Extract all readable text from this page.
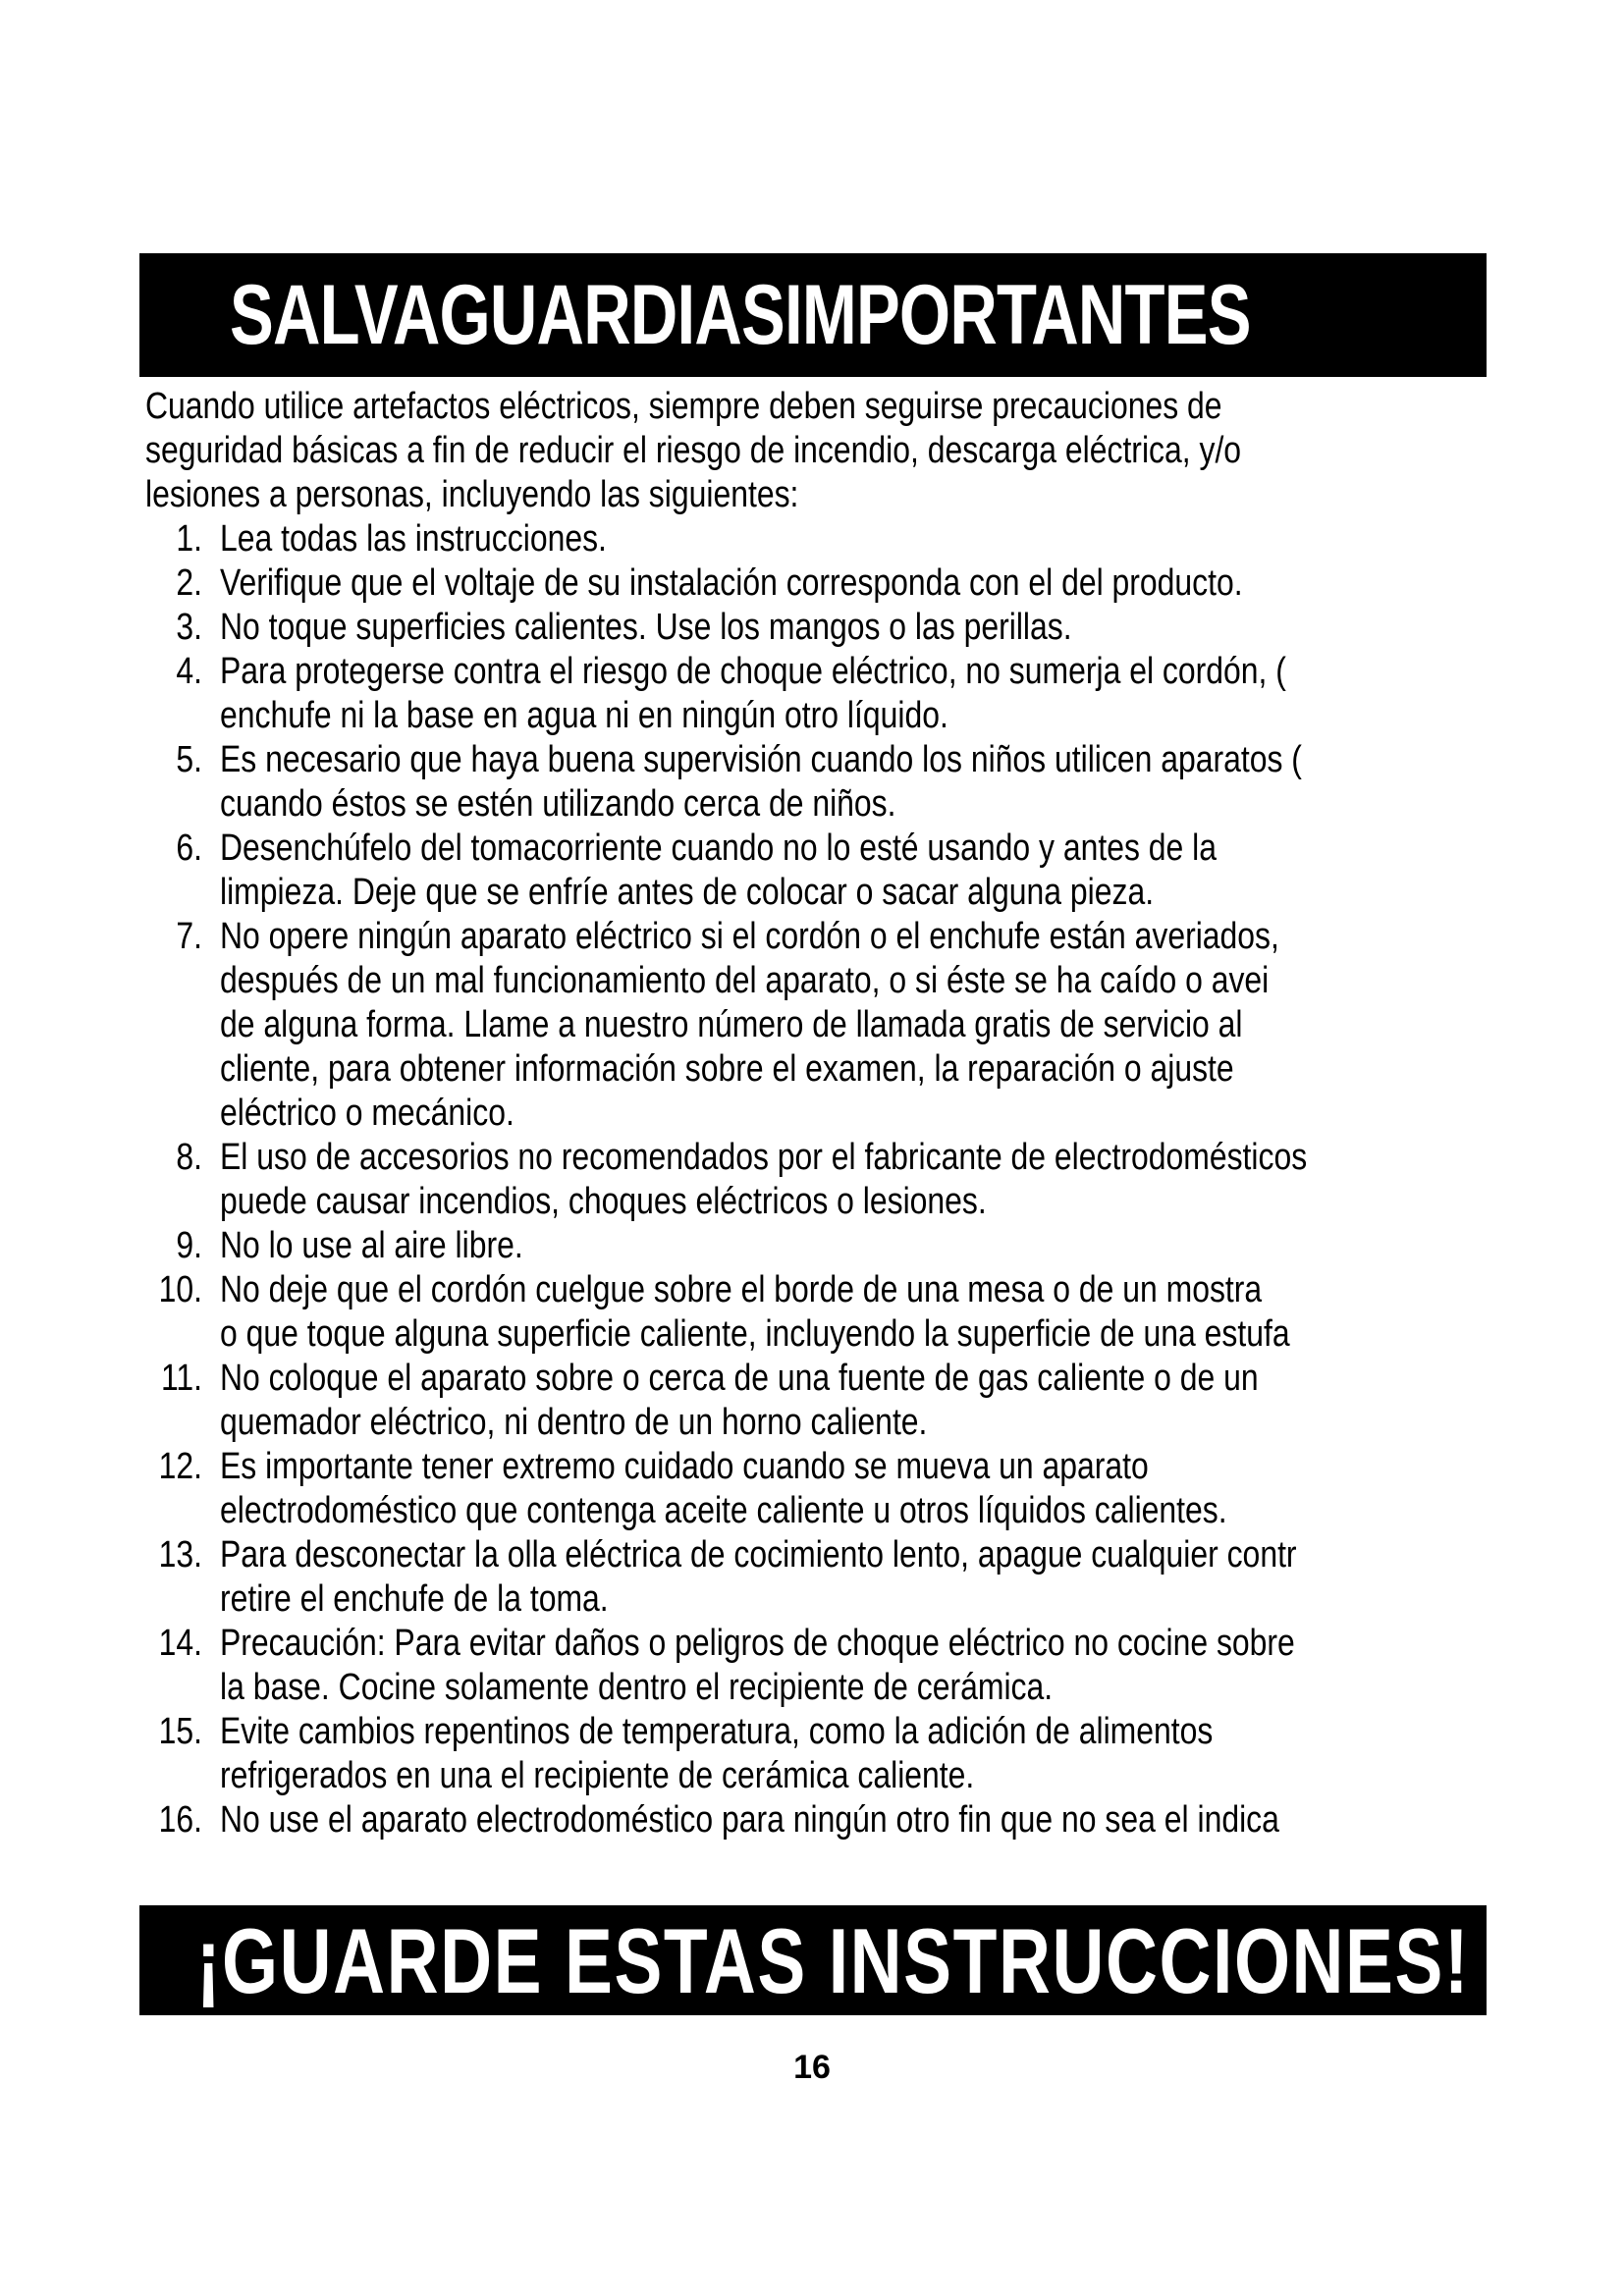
SALVAGUARDIASIMPORTANTES
Cuando utilice artefactos eléctricos, siempre deben seguirse precauciones de
seguridad básicas a fin de reducir el riesgo de incendio, descarga eléctrica, y/o
lesiones a personas, incluyendo las siguientes:
1. Lea todas las instrucciones.
2. Verifique que el voltaje de su instalación corresponda con el del producto.
3. No toque superficies calientes. Use los mangos o las perillas.
4. Para protegerse contra el riesgo de choque eléctrico, no sumerja el cordón, (
enchufe ni la base en agua ni en ningún otro líquido.
5. Es necesario que haya buena supervisión cuando los niños utilicen aparatos (
cuando éstos se estén utilizando cerca de niños.
6. Desenchúfelo del tomacorriente cuando no lo esté usando y antes de la
limpieza. Deje que se enfríe antes de colocar o sacar alguna pieza.
7. No opere ningún aparato eléctrico si el cordón o el enchufe están averiados,
después de un mal funcionamiento del aparato, o si éste se ha caído o avei
de alguna forma. Llame a nuestro número de llamada gratis de servicio al
cliente, para obtener información sobre el examen, la reparación o ajuste
eléctrico o mecánico.
8. El uso de accesorios no recomendados por el fabricante de electrodomésticos
puede causar incendios, choques eléctricos o lesiones.
9. No lo use al aire libre.
10. No deje que el cordón cuelgue sobre el borde de una mesa o de un mostra
o que toque alguna superficie caliente, incluyendo la superficie de una estufa
11. No coloque el aparato sobre o cerca de una fuente de gas caliente o de un
quemador eléctrico, ni dentro de un horno caliente.
12. Es importante tener extremo cuidado cuando se mueva un aparato
electrodoméstico que contenga aceite caliente u otros líquidos calientes.
13. Para desconectar la olla eléctrica de cocimiento lento, apague cualquier contr
retire el enchufe de la toma.
14. Precaución: Para evitar daños o peligros de choque eléctrico no cocine sobre
la base. Cocine solamente dentro el recipiente de cerámica.
15. Evite cambios repentinos de temperatura, como la adición de alimentos
refrigerados en una el recipiente de cerámica caliente.
16. No use el aparato electrodoméstico para ningún otro fin que no sea el indica
¡GUARDE ESTAS INSTRUCCIONES!
16
